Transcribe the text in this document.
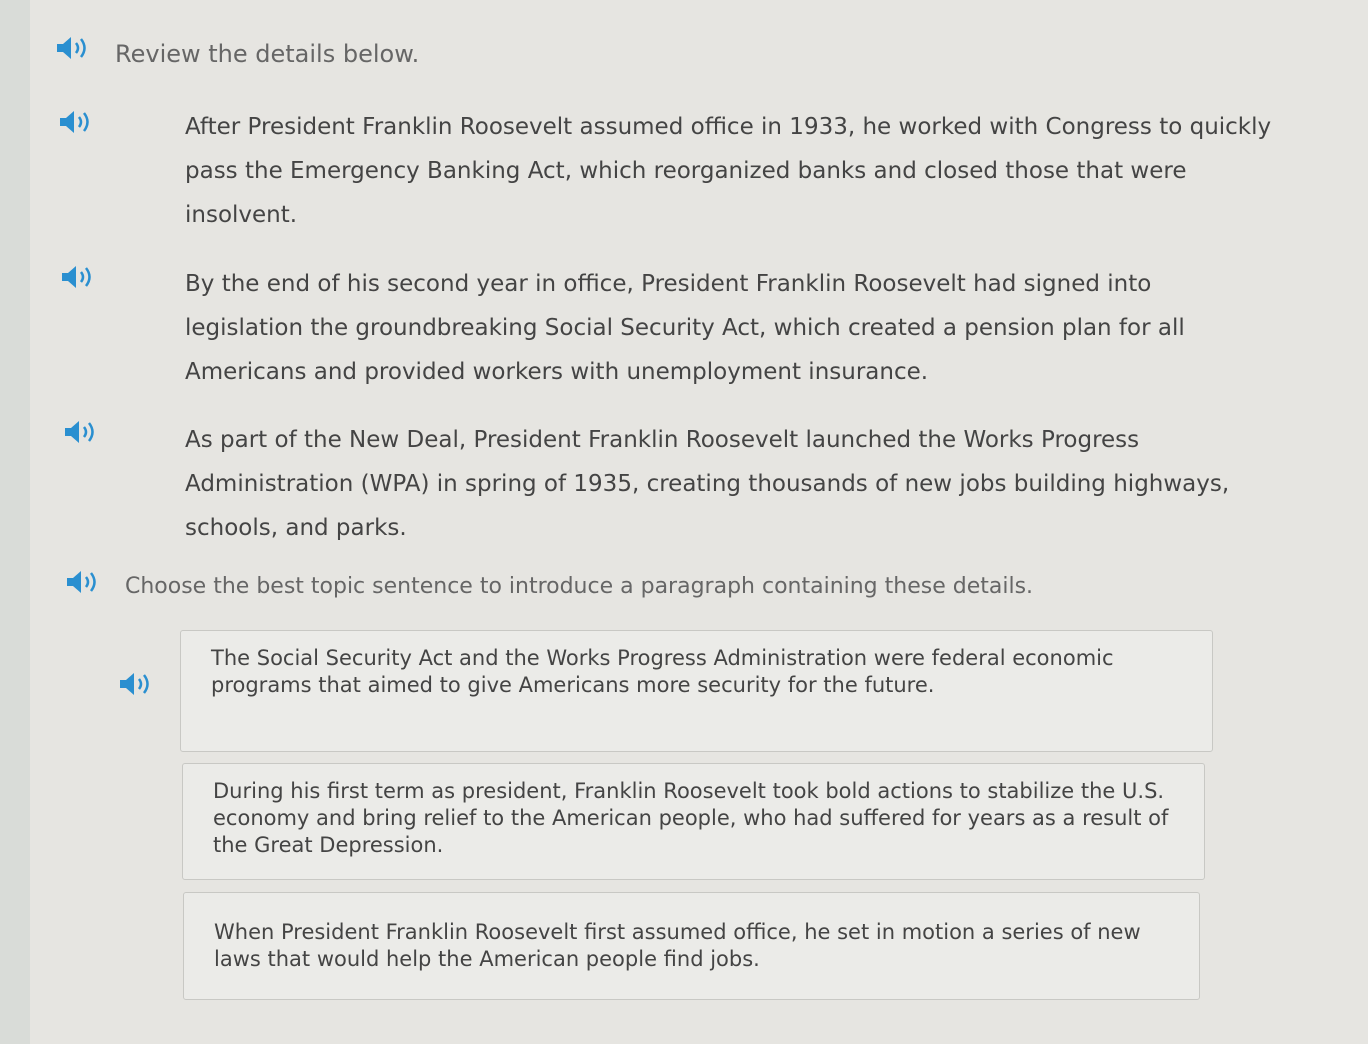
Review the details below.
After President Franklin Roosevelt assumed office in 1933, he worked with Congress to quickly pass the Emergency Banking Act, which reorganized banks and closed those that were insolvent.
By the end of his second year in office, President Franklin Roosevelt had signed into legislation the groundbreaking Social Security Act, which created a pension plan for all Americans and provided workers with unemployment insurance.
As part of the New Deal, President Franklin Roosevelt launched the Works Progress Administration (WPA) in spring of 1935, creating thousands of new jobs building highways, schools, and parks.
Choose the best topic sentence to introduce a paragraph containing these details.
The Social Security Act and the Works Progress Administration were federal economic programs that aimed to give Americans more security for the future.
During his first term as president, Franklin Roosevelt took bold actions to stabilize the U.S. economy and bring relief to the American people, who had suffered for years as a result of the Great Depression.
When President Franklin Roosevelt first assumed office, he set in motion a series of new laws that would help the American people find jobs.
